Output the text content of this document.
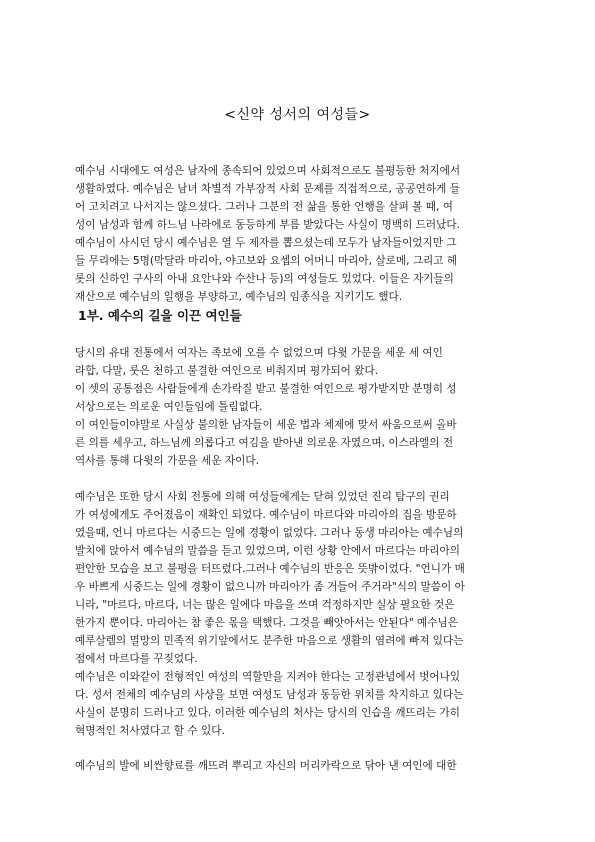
<신약 성서의 여성들>
예수님 시대에도 여성은 남자에 종속되어 있었으며 사회적으로도 불평등한 처지에서
생활하였다. 예수님은 남녀 차별적 가부장적 사회 문제를 직접적으로, 공공연하게 들
어 고치려고 나서지는 않으셨다. 그러나 그분의 전 삶을 통한 언행을 살펴 볼 때, 여
성이 남성과 함께 하느님 나라에로 동등하게 부름 받았다는 사실이 명백히 드러났다.
예수님이 사시던 당시 예수님은 열 두 제자를 뽑으셨는데 모두가 남자들이었지만 그
들 무리에는 5명(막달라 마리아, 야고보와 요셉의 어머니 마리아, 살로메, 그리고 헤
롯의 신하인 구사의 아내 요안나와 수산나 등)의 여성들도 있었다. 이들은 자기들의
재산으로 예수님의 일행을 부양하고, 예수님의 임종식을 지키기도 했다.
1부. 예수의 길을 이끈 여인들
당시의 유대 전통에서 여자는 족보에 오를 수 없었으며 다윗 가문을 세운 세 여인
라합, 다말, 룻은 천하고 불결한 여인으로 비춰지며 평가되어 왔다.
이 셋의 공통점은 사람들에게 손가락질 받고 불결한 여인으로 평가받지만 분명히 성
서상으로는 의로운 여인들임에 틀림없다.
이 여인들이야말로 사실상 불의한 남자들이 세운 법과 체제에 맞서 싸움으로써 올바
른 의를 세우고, 하느님께 의롭다고 여김을 받아낸 의로운 자였으며, 이스라엘의 전
역사를 통해 다윗의 가문을 세운 자이다.
예수님은 또한 당시 사회 전통에 의해 여성들에게는 닫혀 있었던 진리 탐구의 권리
가 여성에게도 주어졌음이 재확인 되었다. 예수님이 마르다와 마리아의 집을 방문하
였을때, 언니 마르다는 시중드는 일에 경황이 없었다. 그러나 동생 마리아는 예수님의
발치에 앉아서 예수님의 말씀을 듣고 있었으며, 이런 상황 안에서 마르다는 마리아의
편안한 모습을 보고 불평을 터뜨렸다.그러나 예수님의 반응은 뜻밖이었다. "언니가 매
우 바쁘게 시중드는 일에 경황이 없으니까 마리아가 좀 거들어 주거라"식의 말씀이 아
니라, "마르다, 마르다, 너는 많은 일에다 마음을 쓰며 걱정하지만 실상 필요한 것은
한가지 뿐이다. 마리아는 참 좋은 몫을 택했다. 그것을 빼앗아서는 안된다" 예수님은
예루살렘의 멸망의 민족적 위기앞에서도 분주한 마음으로 생활의 염려에 빠져 있다는
점에서 마르다를 꾸짖었다.
예수님은 이와같이 전형적인 여성의 역할만을 지켜야 한다는 고정관념에서 벗어나있
다. 성서 전체의 예수님의 사상을 보면 여성도 남성과 동등한 위치를 차지하고 있다는
사실이 분명히 드러나고 있다. 이러한 예수님의 처사는 당시의 인습을 깨뜨리는 가히
혁명적인 처사였다고 할 수 있다.
예수님의 발에 비싼향료를 깨뜨려 뿌리고 자신의 머리카락으로 닦아 낸 여인에 대한
